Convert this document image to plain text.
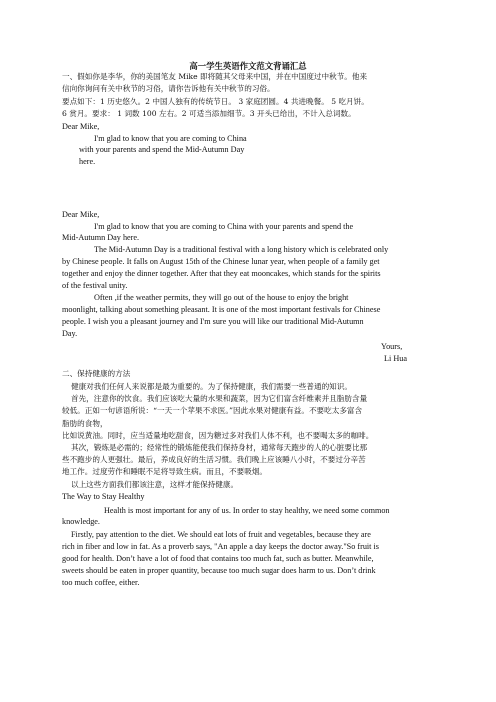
高一学生英语作文范文背诵汇总
一、假如你是李华，你的美国笔友 Mike 即将随其父母来中国，并在中国度过中秋节。他来
信向你询问有关中秋节的习俗，请你告诉他有关中秋节的习俗。
要点如下：1 历史悠久。2 中国人独有的传统节日。 3 家庭团圆。4 共进晚餐。 5 吃月饼。
6 赏月。要求： 1 词数 100 左右。2 可适当添加细节。3 开头已给出，不计入总词数。
Dear Mike,
I'm glad to know that you are coming to China
with your parents and spend the Mid-Autumn Day
here.
Dear Mike,
I'm glad to know that you are coming to China with your parents and spend the
Mid-Autumn Day here.
The Mid-Autumn Day is a traditional festival with a long history which is celebrated only
by Chinese people. It falls on August 15th of the Chinese lunar year, when people of a family get
together and enjoy the dinner together. After that they eat mooncakes, which stands for the spirits
of the festival unity.
Often ,if the weather permits, they will go out of the house to enjoy the bright
moonlight, talking about something pleasant. It is one of the most important festivals for Chinese
people. I wish you a pleasant journey and I'm sure you will like our traditional Mid-Autumn
Day.
Yours,
Li Hua
二、保持健康的方法
健康对我们任何人来说都是最为重要的。为了保持健康，我们需要一些普通的知识。
首先，注意你的饮食。我们应该吃大量的水果和蔬菜，因为它们富含纤维素并且脂肪含量
较低。正如一句谚语所说：“一天一个苹果不求医。”因此水果对健康有益。不要吃太多富含
脂肪的食物，
比如说黄油。同时，应当适量地吃甜食，因为糖过多对我们人体不利，也不要喝太多的咖啡。
其次，锻炼是必需的；经常性的锻炼能使我们保持身材，通常每天跑步的人的心脏要比那
些不跑步的人更强壮。最后，养成良好的生活习惯。我们晚上应该睡八小时，不要过分辛苦
地工作。过度劳作和睡眠不足将导致生病。而且，不要吸烟。
以上这些方面我们都该注意，这样才能保持健康。
The Way to Stay Healthy
Health is most important for any of us. In order to stay healthy, we need some common
knowledge.
Firstly, pay attention to the diet. We should eat lots of fruit and vegetables, because they are
rich in fiber and low in fat. As a proverb says, "An apple a day keeps the doctor away."So fruit is
good for health. Don’t have a lot of food that contains too much fat, such as butter. Meanwhile,
sweets should be eaten in proper quantity, because too much sugar does harm to us. Don’t drink
too much coffee, either.
